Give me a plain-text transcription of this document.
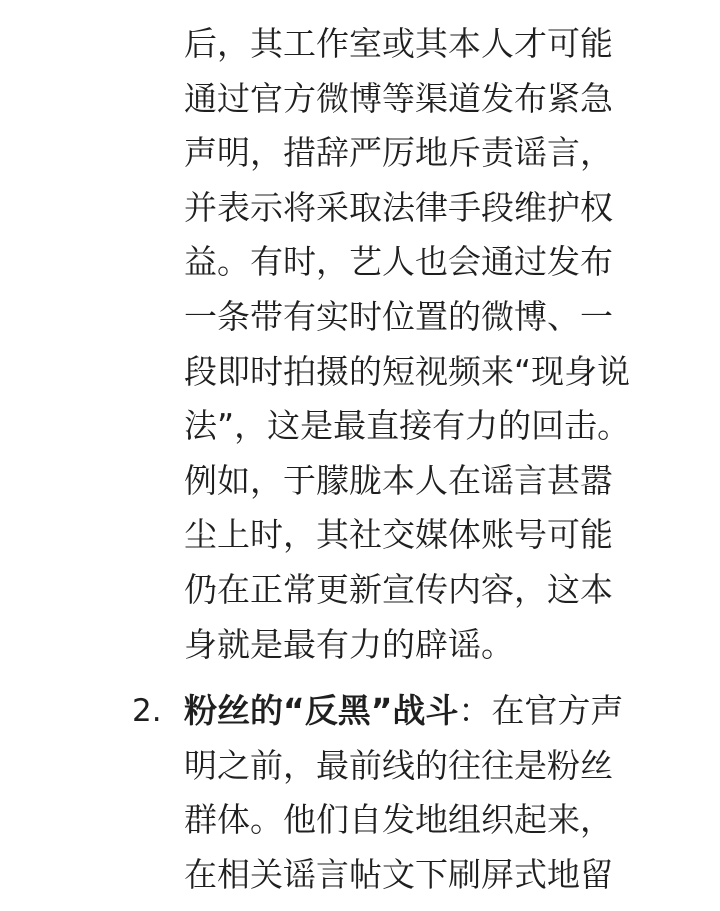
后，其工作室或其本人才可能
通过官方微博等渠道发布紧急
声明，措辞严厉地斥责谣言，
并表示将采取法律手段维护权
益。有时，艺人也会通过发布
一条带有实时位置的微博、一
段即时拍摄的短视频来“现身说
法”，这是最直接有力的回击。
例如，于朦胧本人在谣言甚嚣
尘上时，其社交媒体账号可能
仍在正常更新宣传内容，这本
身就是最有力的辟谣。
2. 粉丝的“反黑”战斗：在官方声
明之前，最前线的往往是粉丝
群体。他们自发地组织起来，
在相关谣言帖文下刷屏式地留
